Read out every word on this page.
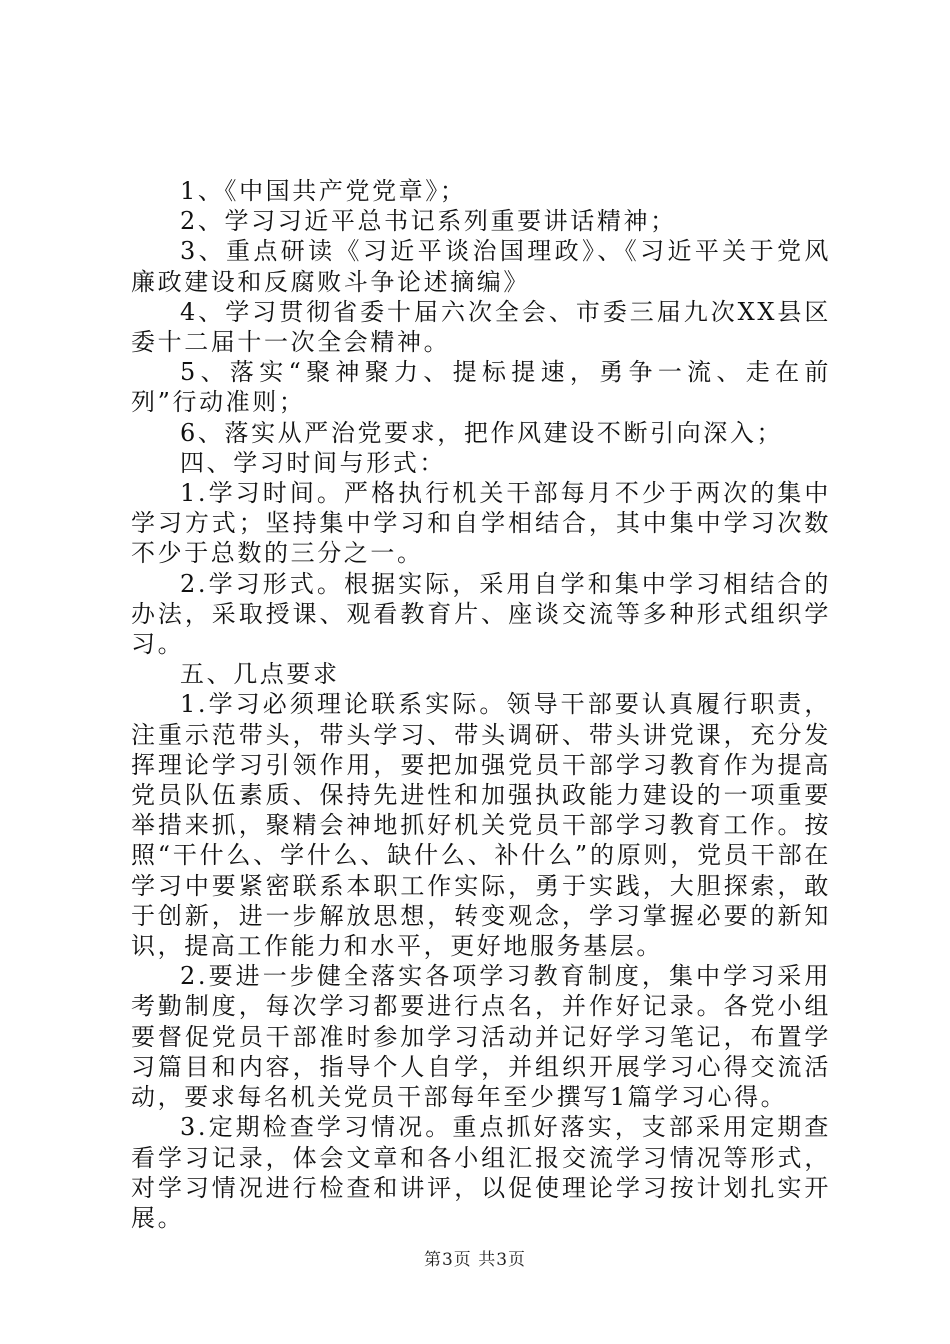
1、《中国共产党党章》；

2、学习习近平总书记系列重要讲话精神；

3、重点研读《习近平谈治国理政》、《习近平关于党风廉政建设和反腐败斗争论述摘编》

4、学习贯彻省委十届六次全会、市委三届九次XX县区委十二届十一次全会精神。

5、落实“聚神聚力、提标提速，勇争一流、走在前列”行动准则；

6、落实从严治党要求，把作风建设不断引向深入；

四、学习时间与形式：

1.学习时间。严格执行机关干部每月不少于两次的集中学习方式；坚持集中学习和自学相结合，其中集中学习次数不少于总数的三分之一。

2.学习形式。根据实际，采用自学和集中学习相结合的办法，采取授课、观看教育片、座谈交流等多种形式组织学习。

五、几点要求

1.学习必须理论联系实际。领导干部要认真履行职责，注重示范带头，带头学习、带头调研、带头讲党课，充分发挥理论学习引领作用，要把加强党员干部学习教育作为提高党员队伍素质、保持先进性和加强执政能力建设的一项重要举措来抓，聚精会神地抓好机关党员干部学习教育工作。按照“干什么、学什么、缺什么、补什么”的原则，党员干部在学习中要紧密联系本职工作实际，勇于实践，大胆探索，敢于创新，进一步解放思想，转变观念，学习掌握必要的新知识，提高工作能力和水平，更好地服务基层。

2.要进一步健全落实各项学习教育制度，集中学习采用考勤制度，每次学习都要进行点名，并作好记录。各党小组要督促党员干部准时参加学习活动并记好学习笔记，布置学习篇目和内容，指导个人自学，并组织开展学习心得交流活动，要求每名机关党员干部每年至少撰写1篇学习心得。

3.定期检查学习情况。重点抓好落实，支部采用定期查看学习记录，体会文章和各小组汇报交流学习情况等形式，对学习情况进行检查和讲评，以促使理论学习按计划扎实开展。

第3页 共3页
